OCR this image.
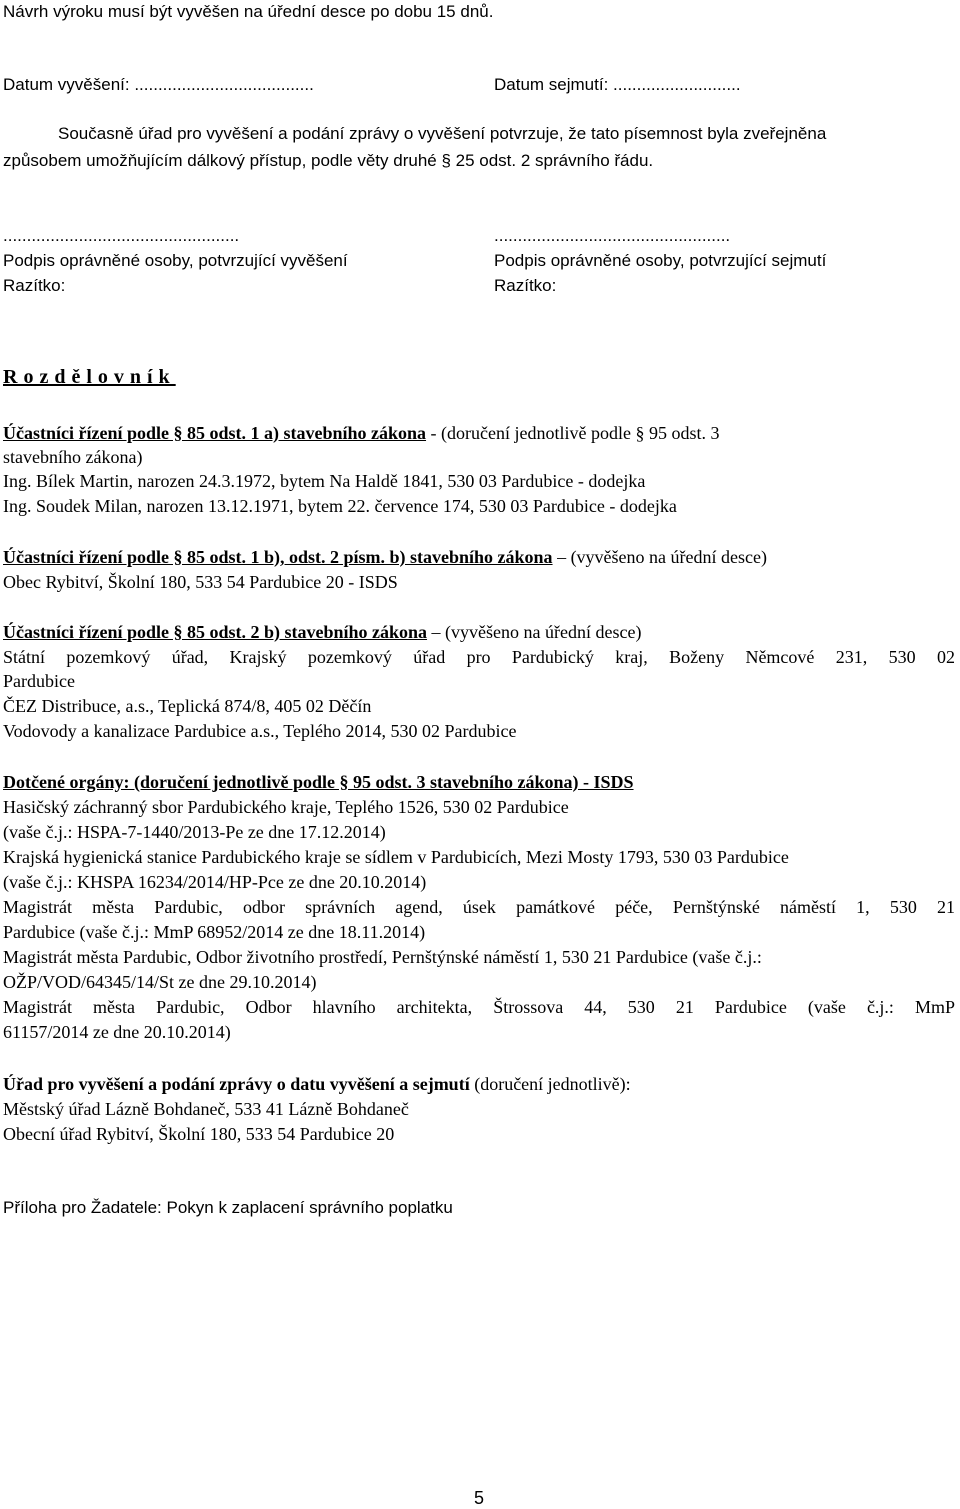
Návrh výroku musí být vyvěšen na úřední desce po dobu 15 dnů.
Datum vyvěšení: ......................................	Datum sejmutí: ...........................
Současně úřad pro vyvěšení a podání zprávy o vyvěšení potvrzuje, že tato písemnost byla zveřejněna
způsobem umožňujícím dálkový přístup, podle věty druhé § 25 odst. 2 správního řádu.
..................................................
Podpis oprávněné osoby, potvrzující vyvěšení
Razítko:
..................................................
Podpis oprávněné osoby, potvrzující sejmutí
Razítko:
Rozdělovník
Účastníci řízení podle § 85 odst. 1 a) stavebního zákona - (doručení jednotlivě podle § 95 odst. 3
stavebního zákona)
Ing. Bílek Martin, narozen 24.3.1972, bytem Na Haldě 1841, 530 03 Pardubice - dodejka
Ing. Soudek Milan, narozen 13.12.1971, bytem 22. července 174, 530 03 Pardubice - dodejka
Účastníci řízení podle § 85 odst. 1 b), odst. 2 písm. b) stavebního zákona – (vyvěšeno na úřední desce)
Obec Rybitví, Školní 180, 533 54 Pardubice 20 - ISDS
Účastníci řízení podle § 85 odst. 2 b) stavebního zákona – (vyvěšeno na úřední desce)
Státní pozemkový úřad, Krajský pozemkový úřad pro Pardubický kraj, Boženy Němcové 231, 530 02
Pardubice
ČEZ Distribuce, a.s., Teplická 874/8, 405 02 Děčín
Vodovody a kanalizace Pardubice a.s., Teplého 2014, 530 02 Pardubice
Dotčené orgány: (doručení jednotlivě podle § 95 odst. 3 stavebního zákona) - ISDS
Hasičský záchranný sbor Pardubického kraje, Teplého 1526, 530 02 Pardubice
(vaše č.j.: HSPA-7-1440/2013-Pe ze dne 17.12.2014)
Krajská hygienická stanice Pardubického kraje se sídlem v Pardubicích, Mezi Mosty 1793, 530 03 Pardubice
(vaše č.j.: KHSPA 16234/2014/HP-Pce ze dne 20.10.2014)
Magistrát města Pardubic, odbor správních agend, úsek památkové péče, Pernštýnské náměstí 1, 530 21
Pardubice (vaše č.j.: MmP 68952/2014 ze dne 18.11.2014)
Magistrát města Pardubic, Odbor životního prostředí, Pernštýnské náměstí 1, 530 21 Pardubice (vaše č.j.:
OŽP/VOD/64345/14/St ze dne 29.10.2014)
Magistrát města Pardubic, Odbor hlavního architekta, Štrossova 44, 530 21 Pardubice (vaše č.j.: MmP
61157/2014 ze dne 20.10.2014)
Úřad pro vyvěšení a podání zprávy o datu vyvěšení a sejmutí (doručení jednotlivě):
Městský úřad Lázně Bohdaneč, 533 41 Lázně Bohdaneč
Obecní úřad Rybitví, Školní 180, 533 54 Pardubice 20
Příloha pro Žadatele: Pokyn k zaplacení správního poplatku
5
